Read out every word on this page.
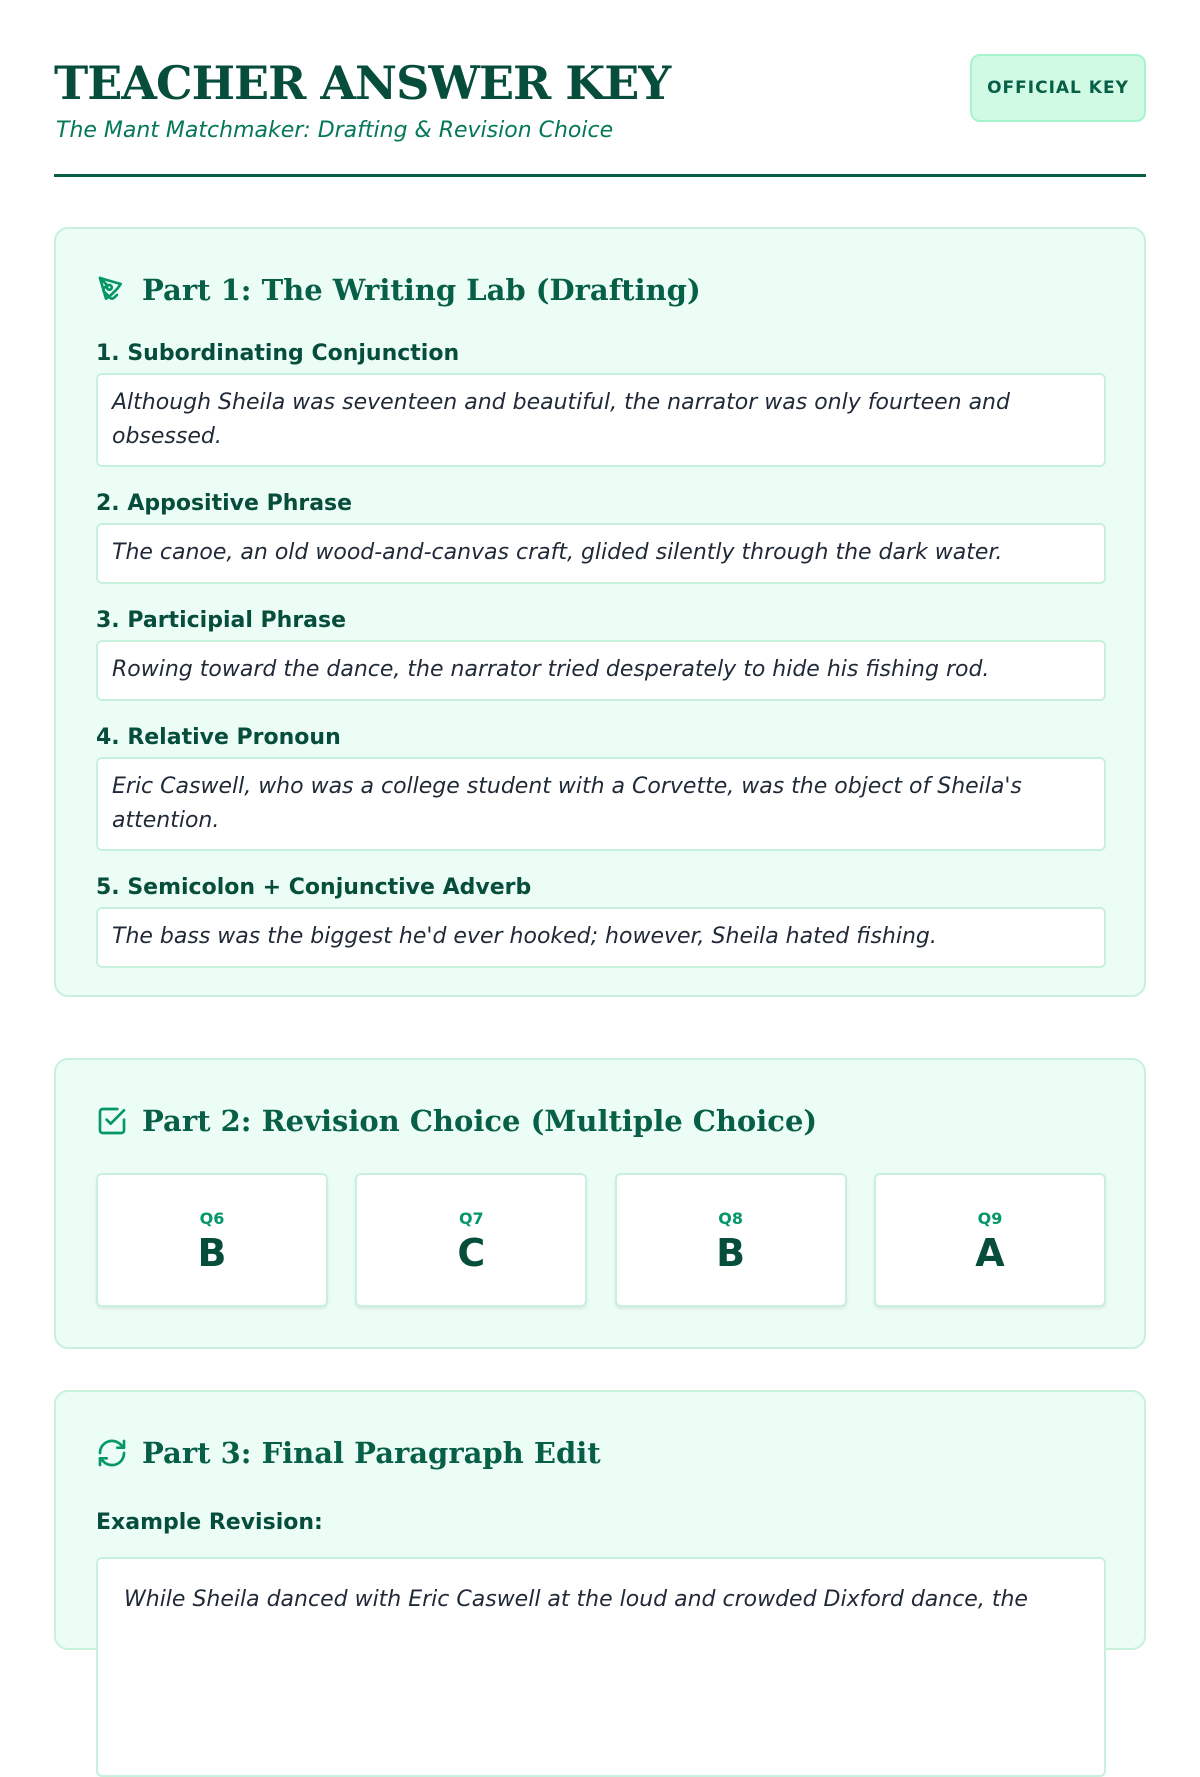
TEACHER ANSWER KEY
The Mant Matchmaker: Drafting & Revision Choice
OFFICIAL KEY
Part 1: The Writing Lab (Drafting)
1. Subordinating Conjunction
Although Sheila was seventeen and beautiful, the narrator was only fourteen and obsessed.
2. Appositive Phrase
The canoe, an old wood-and-canvas craft, glided silently through the dark water.
3. Participial Phrase
Rowing toward the dance, the narrator tried desperately to hide his fishing rod.
4. Relative Pronoun
Eric Caswell, who was a college student with a Corvette, was the object of Sheila's attention.
5. Semicolon + Conjunctive Adverb
The bass was the biggest he'd ever hooked; however, Sheila hated fishing.
Part 2: Revision Choice (Multiple Choice)
Q6
B
Q7
C
Q8
B
Q9
A
Part 3: Final Paragraph Edit
Example Revision:
While Sheila danced with Eric Caswell at the loud and crowded Dixford dance, the
